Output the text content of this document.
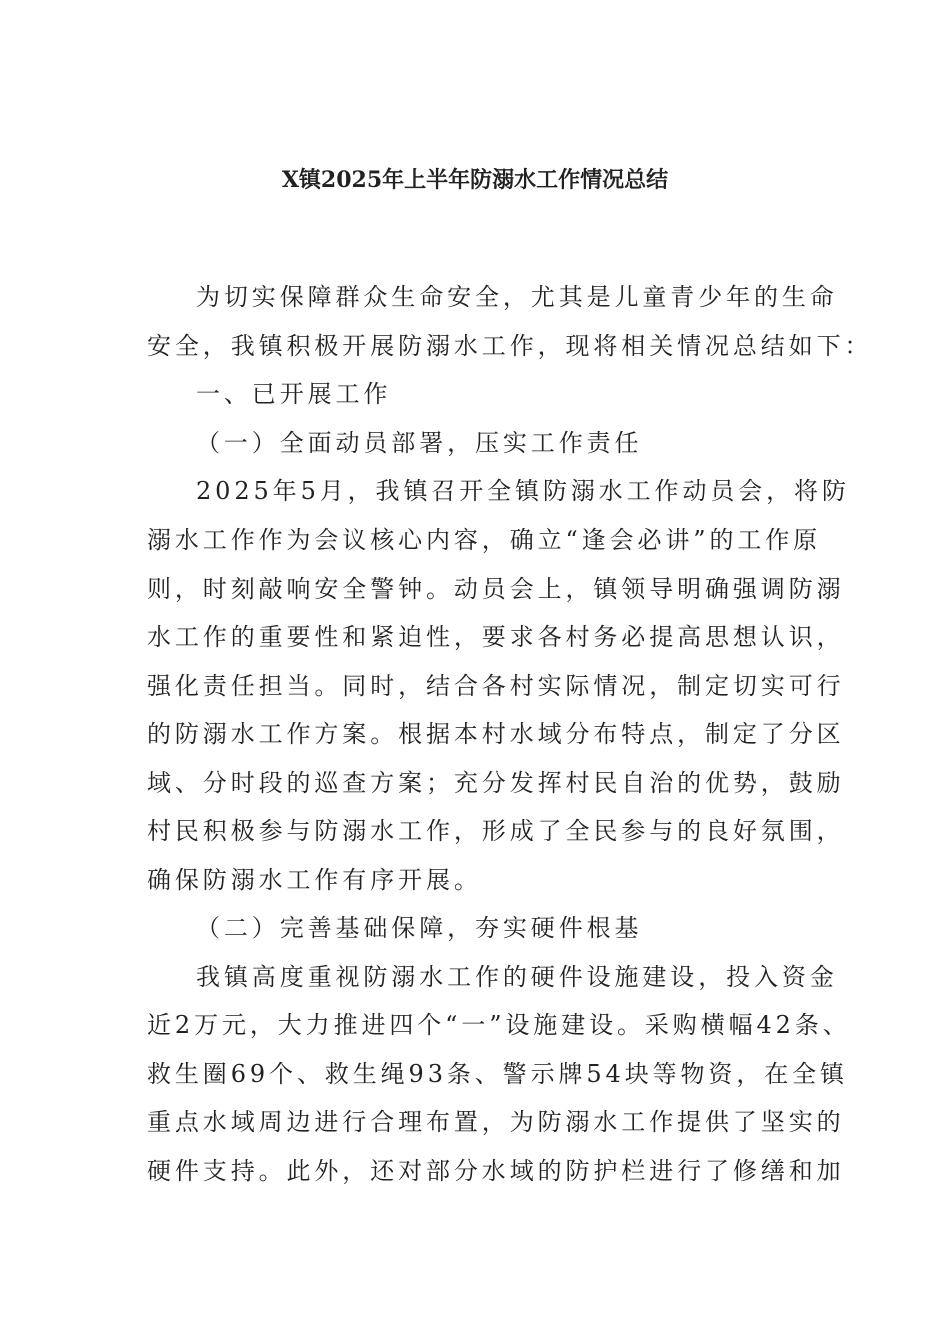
X镇2025年上半年防溺水工作情况总结
为切实保障群众生命安全，尤其是儿童青少年的生命
安全，我镇积极开展防溺水工作，现将相关情况总结如下：
一、已开展工作
（一）全面动员部署，压实工作责任
2025年5月，我镇召开全镇防溺水工作动员会，将防
溺水工作作为会议核心内容，确立“逢会必讲”的工作原
则，时刻敲响安全警钟。动员会上，镇领导明确强调防溺
水工作的重要性和紧迫性，要求各村务必提高思想认识，
强化责任担当。同时，结合各村实际情况，制定切实可行
的防溺水工作方案。根据本村水域分布特点，制定了分区
域、分时段的巡查方案；充分发挥村民自治的优势，鼓励
村民积极参与防溺水工作，形成了全民参与的良好氛围，
确保防溺水工作有序开展。
（二）完善基础保障，夯实硬件根基
我镇高度重视防溺水工作的硬件设施建设，投入资金
近2万元，大力推进四个“一”设施建设。采购横幅42条、
救生圈69个、救生绳93条、警示牌54块等物资，在全镇
重点水域周边进行合理布置，为防溺水工作提供了坚实的
硬件支持。此外，还对部分水域的防护栏进行了修缮和加
